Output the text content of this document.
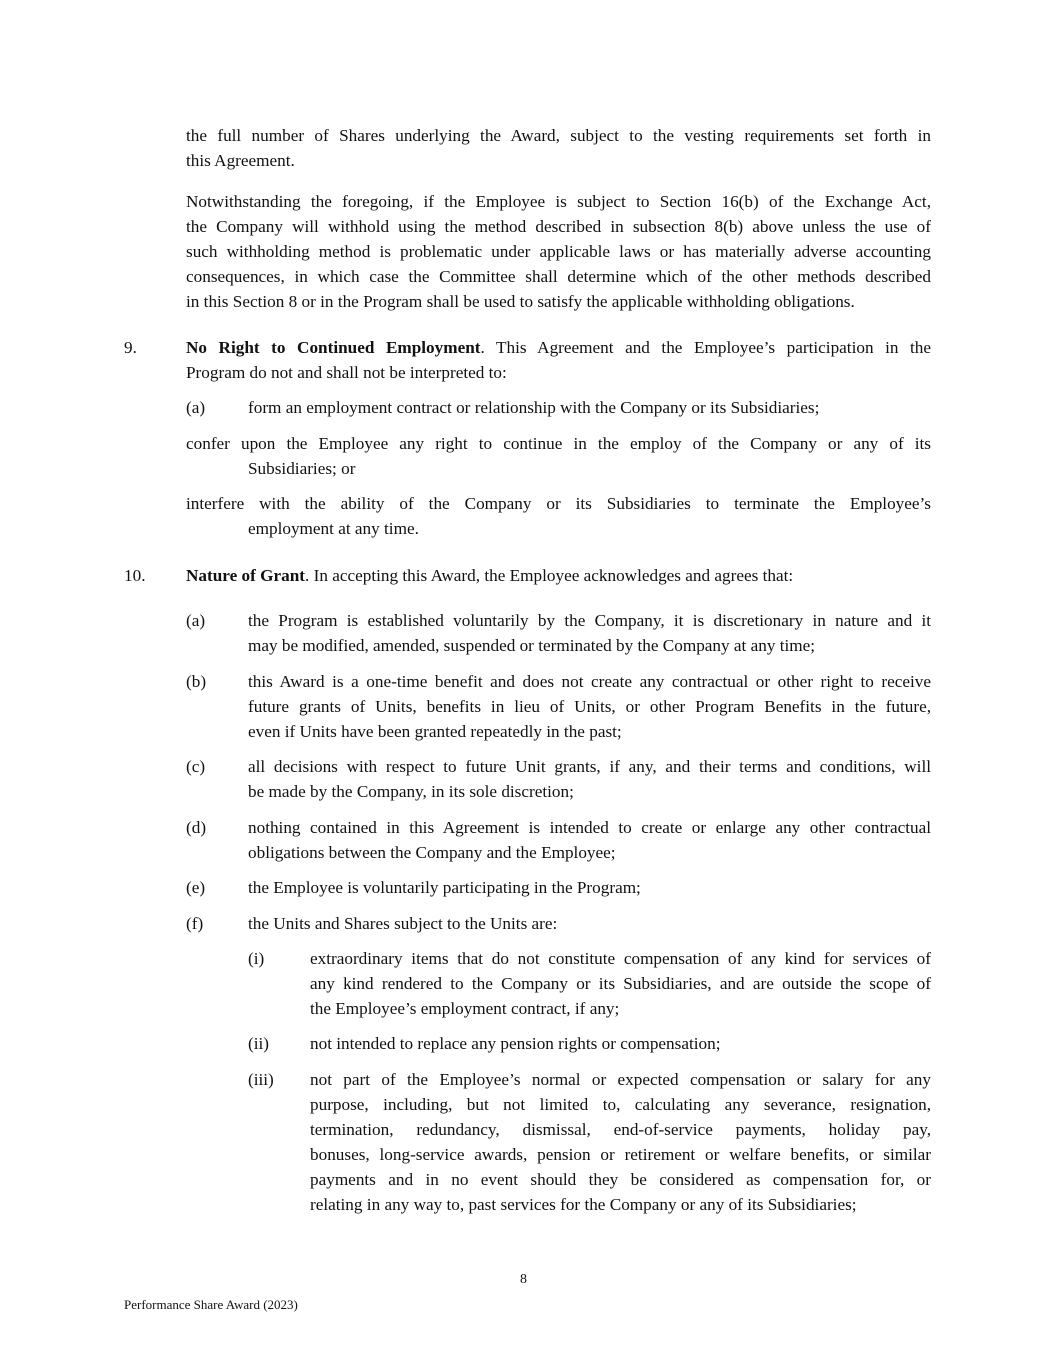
the full number of Shares underlying the Award, subject to the vesting requirements set forth in
this Agreement.
Notwithstanding the foregoing, if the Employee is subject to Section 16(b) of the Exchange Act,
the Company will withhold using the method described in subsection 8(b) above unless the use of
such withholding method is problematic under applicable laws or has materially adverse accounting
consequences, in which case the Committee shall determine which of the other methods described
in this Section 8 or in the Program shall be used to satisfy the applicable withholding obligations.
9.	No Right to Continued Employment. This Agreement and the Employee’s participation in the
Program do not and shall not be interpreted to:
(a) form an employment contract or relationship with the Company or its Subsidiaries;
confer upon the Employee any right to continue in the employ of the Company or any of its
Subsidiaries; or
interfere with the ability of the Company or its Subsidiaries to terminate the Employee’s
employment at any time.
10. Nature of Grant. In accepting this Award, the Employee acknowledges and agrees that:
(a) the Program is established voluntarily by the Company, it is discretionary in nature and it
may be modified, amended, suspended or terminated by the Company at any time;
(b) this Award is a one-time benefit and does not create any contractual or other right to receive
future grants of Units, benefits in lieu of Units, or other Program Benefits in the future,
even if Units have been granted repeatedly in the past;
(c) all decisions with respect to future Unit grants, if any, and their terms and conditions, will
be made by the Company, in its sole discretion;
(d) nothing contained in this Agreement is intended to create or enlarge any other contractual
obligations between the Company and the Employee;
(e) the Employee is voluntarily participating in the Program;
(f)	the Units and Shares subject to the Units are:
(i)	extraordinary items that do not constitute compensation of any kind for services of
any kind rendered to the Company or its Subsidiaries, and are outside the scope of
the Employee’s employment contract, if any;
(ii) not intended to replace any pension rights or compensation;
(iii) not part of the Employee’s normal or expected compensation or salary for any
purpose, including, but not limited to, calculating any severance, resignation,
termination, redundancy, dismissal, end-of-service payments, holiday pay,
bonuses, long-service awards, pension or retirement or welfare benefits, or similar
payments and in no event should they be considered as compensation for, or
relating in any way to, past services for the Company or any of its Subsidiaries;
8
Performance Share Award (2023)
